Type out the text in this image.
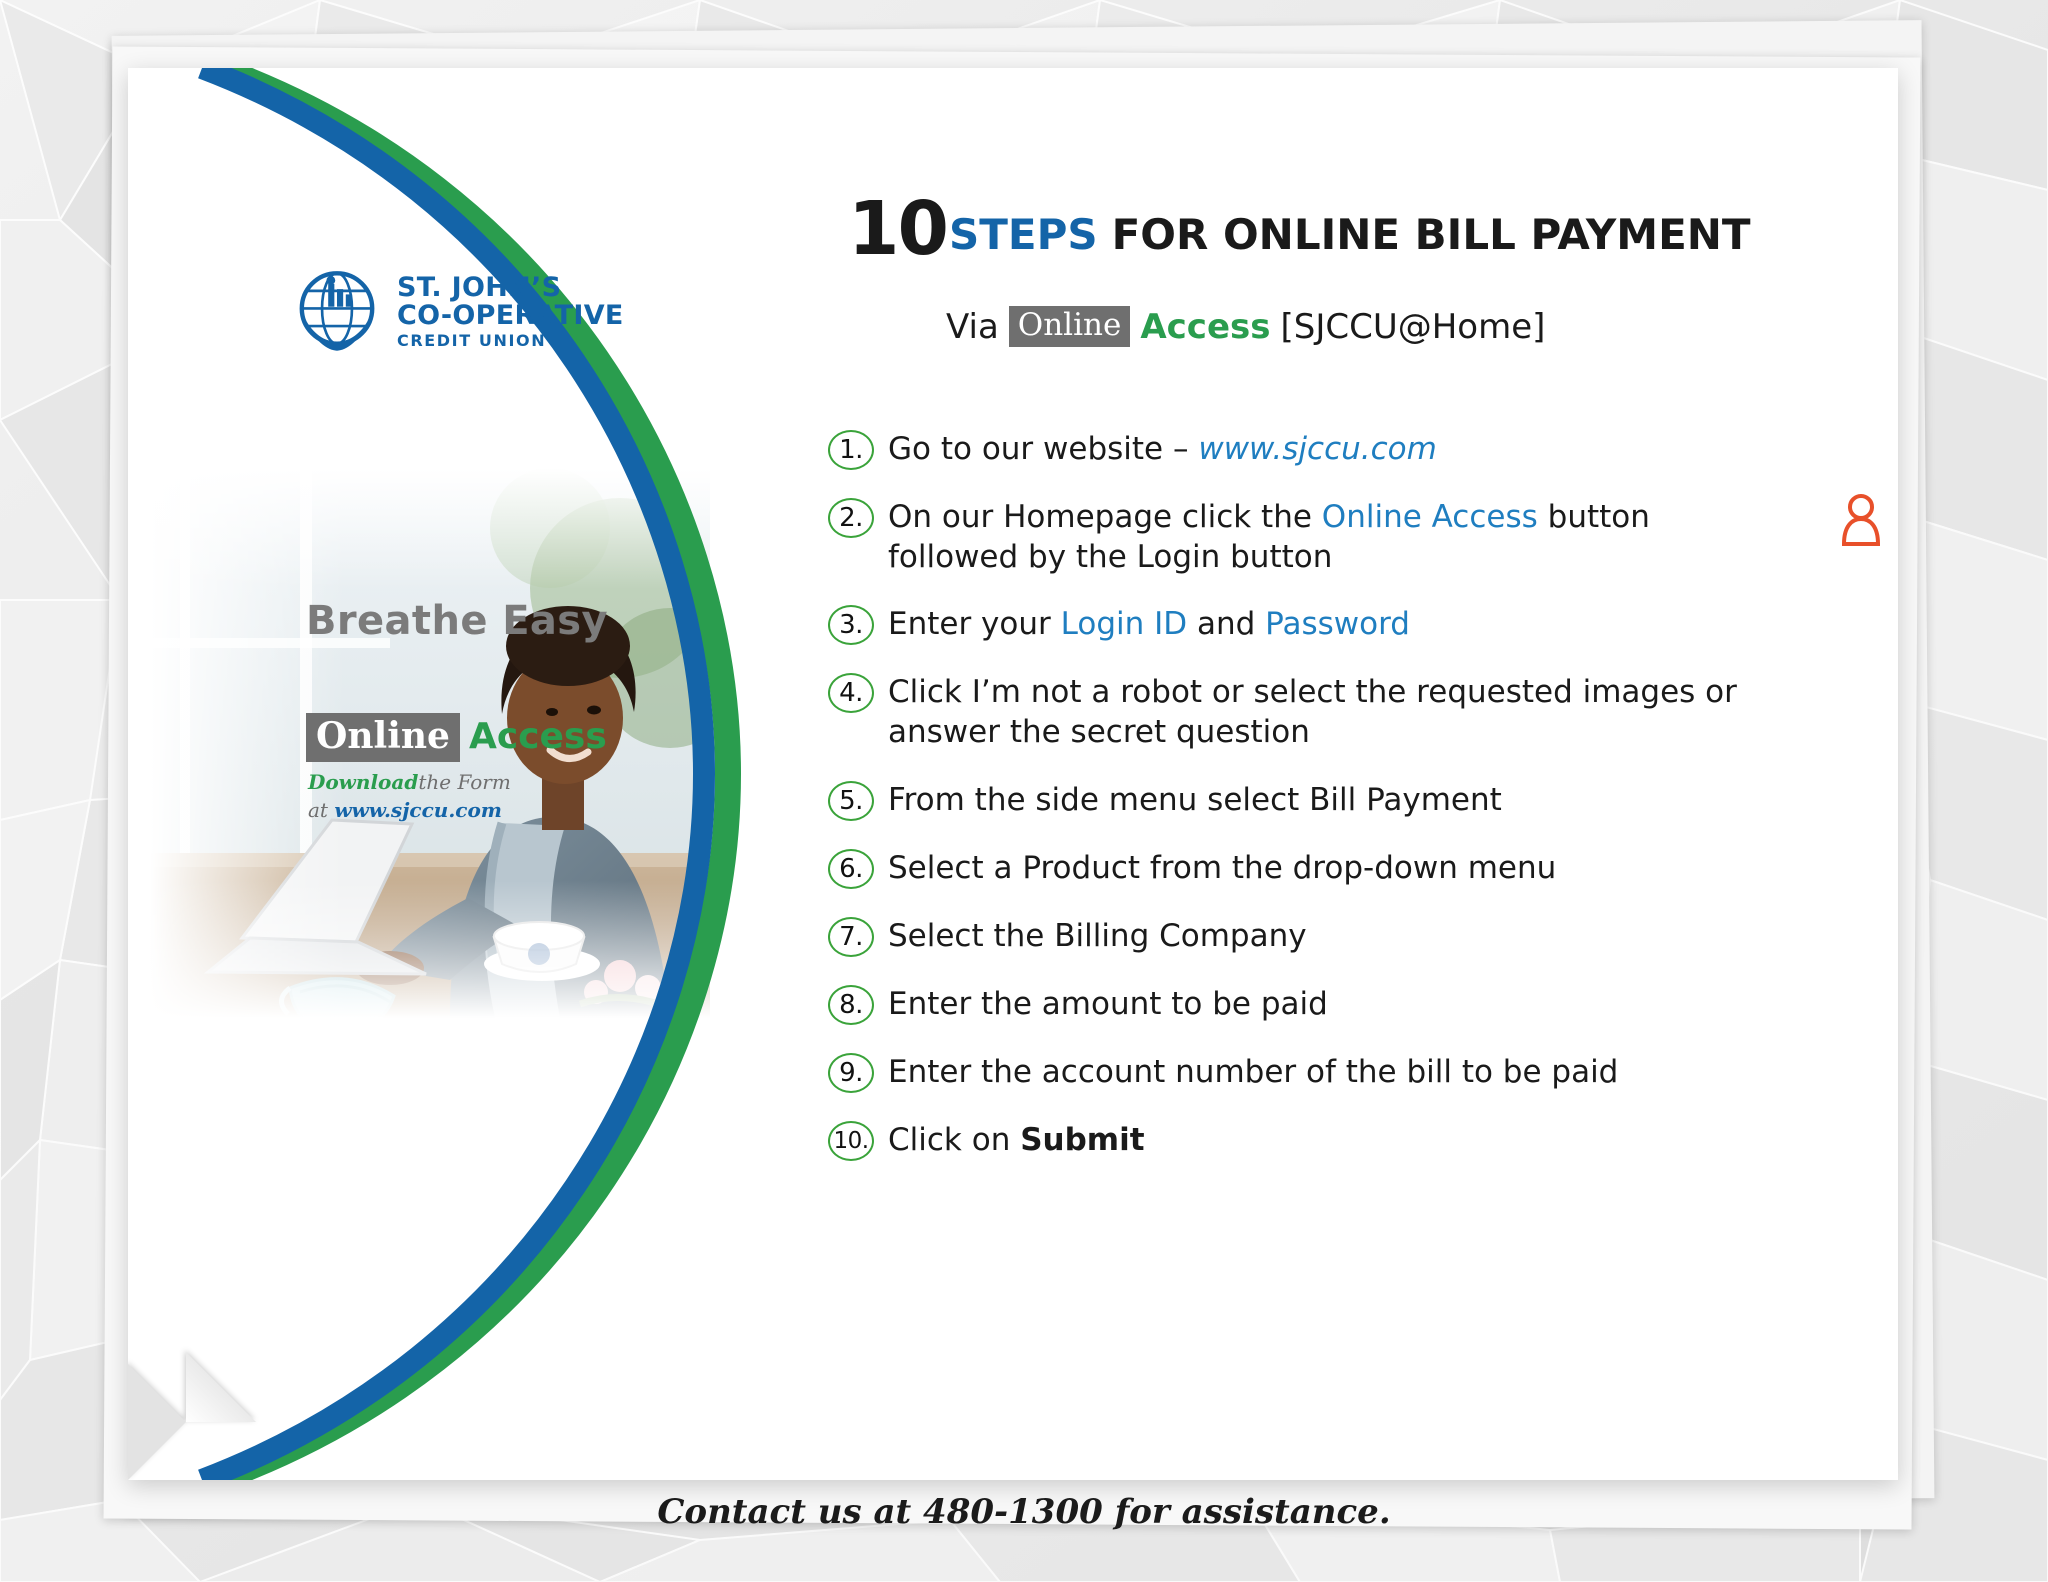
ST. JOHN’S
CO-OPERATIVE
CREDIT UNION
Breathe Easy
Online Access
Downloadthe Form
at www.sjccu.com
10 STEPS FOR ONLINE BILL PAYMENT
Via Online Access [SJCCU@Home]
1. Go to our website – www.sjccu.com
2. On our Homepage click the Online Access button
followed by the Login button
3. Enter your Login ID and Password
4. Click I’m not a robot or select the requested images or
answer the secret question
5. From the side menu select Bill Payment
6. Select a Product from the drop-down menu
7. Select the Billing Company
8. Enter the amount to be paid
9. Enter the account number of the bill to be paid
10. Click on Submit
Contact us at 480-1300 for assistance.
